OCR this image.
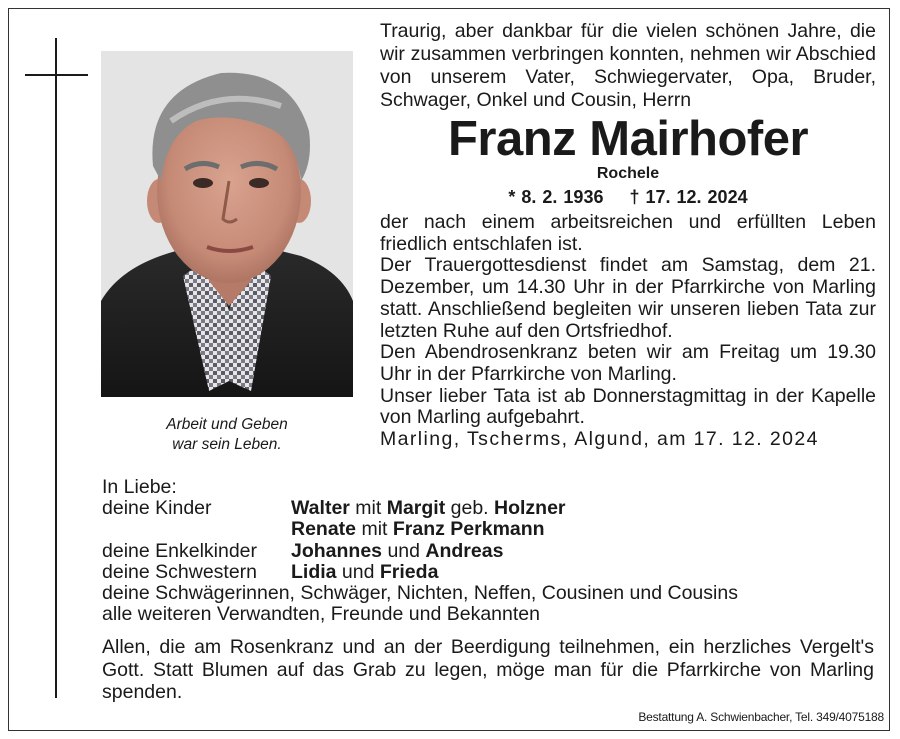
Arbeit und Geben
war sein Leben.
Traurig, aber dankbar für die vielen schönen Jahre, die wir zusammen verbringen konnten, nehmen wir Abschied von unserem Vater, Schwiegervater, Opa, Bruder, Schwager, Onkel und Cousin, Herrn
Franz Mairhofer
Rochele
* 8. 2. 1936 † 17. 12. 2024

der nach einem arbeitsreichen und erfüllten Leben friedlich entschlafen ist.

Der Trauergottesdienst findet am Samstag, dem 21. Dezember, um 14.30 Uhr in der Pfarrkirche von Marling statt. Anschließend begleiten wir unseren lieben Tata zur letzten Ruhe auf den Ortsfriedhof.

Den Abendrosenkranz beten wir am Freitag um 19.30 Uhr in der Pfarrkirche von Marling.

Unser lieber Tata ist ab Donnerstagmittag in der Kapelle von Marling aufgebahrt.

Marling, Tscherms, Algund, am 17. 12. 2024
In Liebe:
deine Kinder	Walter mit Margit geb. Holzner
Renate mit Franz Perkmann
deine Enkelkinder Johannes und Andreas
deine Schwestern Lidia und Frieda
deine Schwägerinnen, Schwäger, Nichten, Neffen, Cousinen und Cousins
alle weiteren Verwandten, Freunde und Bekannten
Allen, die am Rosenkranz und an der Beerdigung teilnehmen, ein herzliches Vergelt's Gott. Statt Blumen auf das Grab zu legen, möge man für die Pfarrkirche von Marling spenden.
Bestattung A. Schwienbacher, Tel. 349/4075188
